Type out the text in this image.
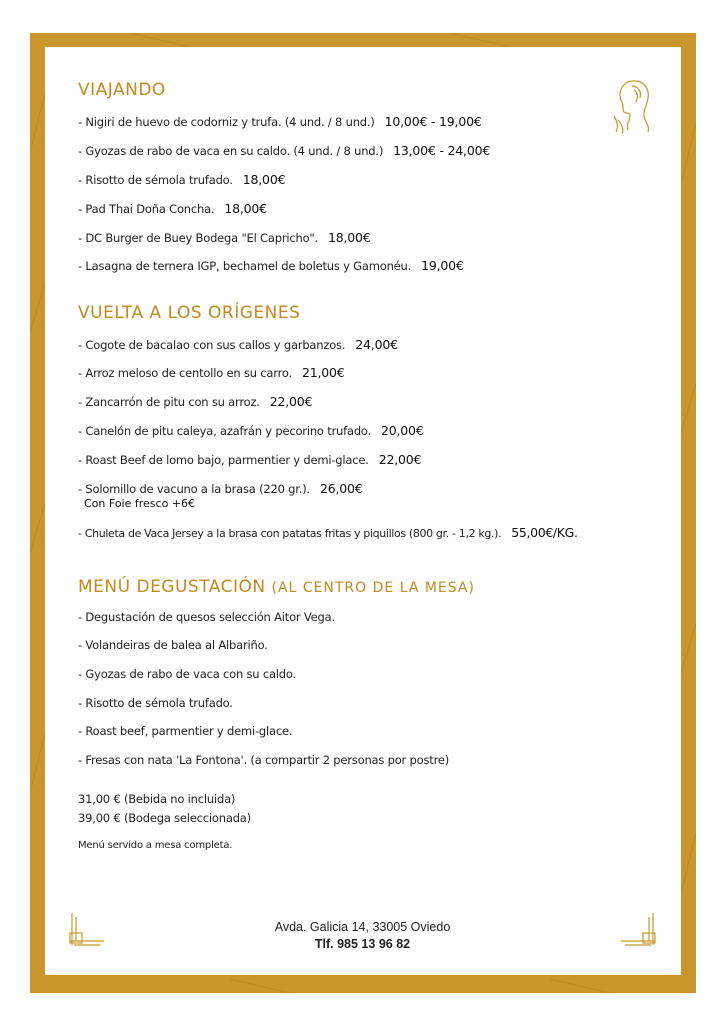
VIAJANDO
- Nigiri de huevo de codorniz y trufa. (4 und. / 8 und.) 10,00€ - 19,00€
- Gyozas de rabo de vaca en su caldo. (4 und. / 8 und.) 13,00€ - 24,00€
- Risotto de sémola trufado. 18,00€
- Pad Thai Doña Concha. 18,00€
- DC Burger de Buey Bodega "El Capricho". 18,00€
- Lasagna de ternera IGP, bechamel de boletus y Gamonéu. 19,00€
VUELTA A LOS ORÍGENES
- Cogote de bacalao con sus callos y garbanzos. 24,00€
- Arroz meloso de centollo en su carro. 21,00€
- Zancarrón de pitu con su arroz. 22,00€
- Canelón de pitu caleya, azafrán y pecorino trufado. 20,00€
- Roast Beef de lomo bajo, parmentier y demi-glace. 22,00€
- Solomillo de vacuno a la brasa (220 gr.). 26,00€
Con Foie fresco +6€
- Chuleta de Vaca Jersey a la brasa con patatas fritas y piquillos (800 gr. - 1,2 kg.). 55,00€/KG.
MENÚ DEGUSTACIÓN (AL CENTRO DE LA MESA)
- Degustación de quesos selección Aitor Vega.
- Volandeiras de balea al Albariño.
- Gyozas de rabo de vaca con su caldo.
- Risotto de sémola trufado.
- Roast beef, parmentier y demi-glace.
- Fresas con nata 'La Fontona'. (a compartir 2 personas por postre)
31,00 € (Bebida no incluida)
39,00 € (Bodega seleccionada)
Menú servido a mesa completa.
Avda. Galicia 14, 33005 Oviedo
Tlf. 985 13 96 82
